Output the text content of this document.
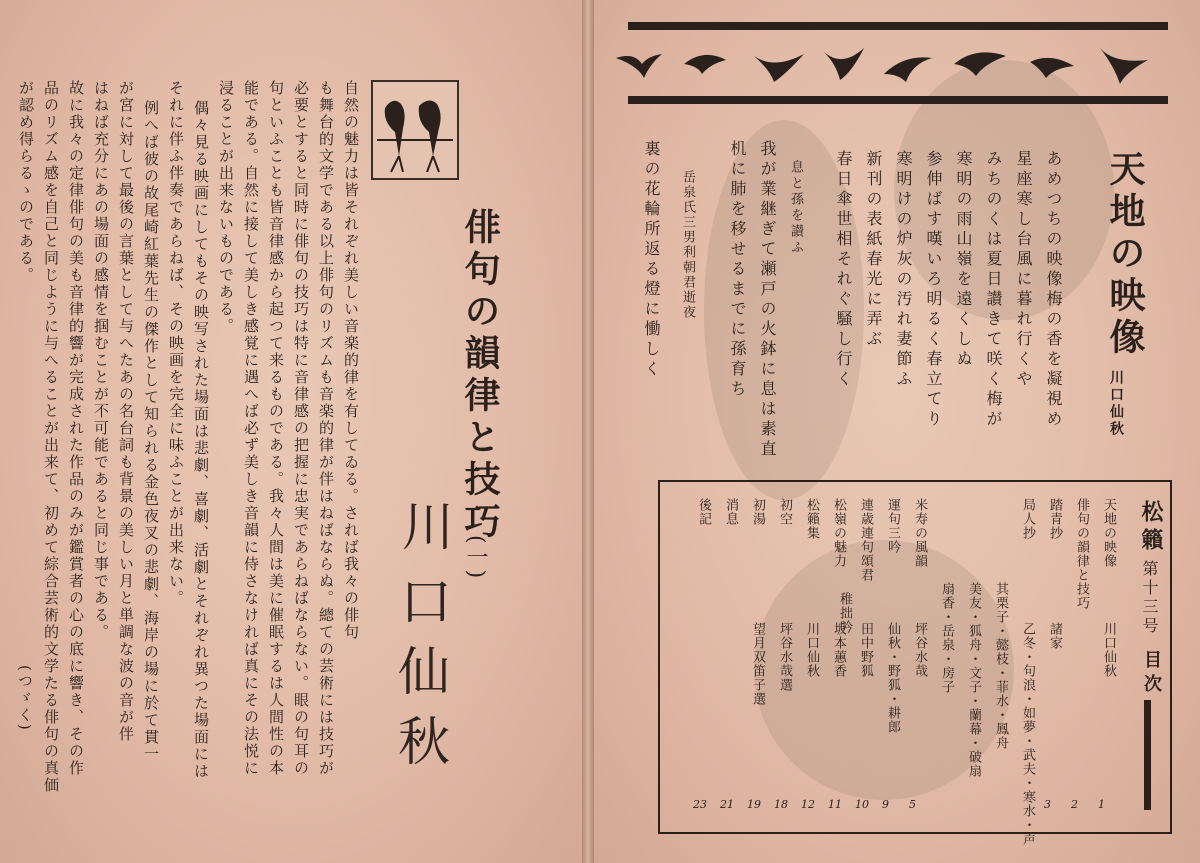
俳句の韻律と技巧
(一)
川
口
仙
秋
自然の魅力は皆それぞれ美しい音楽的律を有してゐる。されば我々の俳句
も舞台的文学である以上俳句のリズムも音楽的律が伴はねばならぬ。總ての芸術には技巧が
必要とすると同時に俳句の技巧は特に音律感の把握に忠実であらねばならない。眼の句耳の
句といふことも皆音律感から起つて来るものである。我々人間は美に催眠するは人間性の本
能である。自然に接して美しき感覚に遇へば必ず美しき音韻に侍さなければ真にその法悦に
浸ることが出来ないものである。
偶々見る映画にしてもその映写された場面は悲劇、喜劇、活劇とそれぞれ異つた場面には
それに伴ふ伴奏であらねば、その映画を完全に味ふことが出来ない。
例へば彼の故尾崎紅葉先生の傑作として知られる金色夜叉の悲劇、海岸の場に於て貫一
が宮に対して最後の言葉として与へたあの名台詞も背景の美しい月と単調な波の音が伴
はねば充分にあの場面の感情を掴むことが不可能であると同じ事である。
故に我々の定律俳句の美も音律的響が完成された作品のみが鑑賞者の心の底に響き、その作
品のリズム感を自己と同じように与へることが出来て、初めて綜合芸術的文学たる俳句の真価
が認め得らるゝのである。
(つゞく)
天地の映像
川口仙秋
あめつちの映像梅の香を凝視め
星座寒し台風に暮れ行くや
みちのくは夏日讃きて咲く梅が
寒明の雨山嶺を遠くしぬ
参伸ばす嘆いろ明るく春立てり
寒明けの炉灰の汚れ妻節ふ
新刊の表紙春光に弄ぶ
春日傘世相それぐ騒し行く
息と孫を讃ふ
我が業継ぎて瀬戸の火鉢に息は素直
机に肺を移せるまでに孫育ち
岳泉氏三男利朝君逝夜
裏の花輪所返る燈に慟しく
松籟
第十三号
目次
天地の映像
川口仙秋
1
俳句の韻律と技巧
2
踏青抄
諸家
3
局人抄
乙冬・句浪・如夢・武夫・寒水・声
其栗子・懿枝・菲水・鳳舟
美友・狐舟・文子・蘭幕・破扇
扇香・岳泉・房子
米寿の風韻
坪谷水哉
5
運句三吟
仙秋・野狐・耕郎
9
連歳連句頌君
田中野狐
10
松嶺の魅力
坂本蕙香
11
松籟集
川口仙秋
12
初空
坪谷水哉選
18
初湯
望月双笛子選
19
消息
21
後記
23
稚拙吟
